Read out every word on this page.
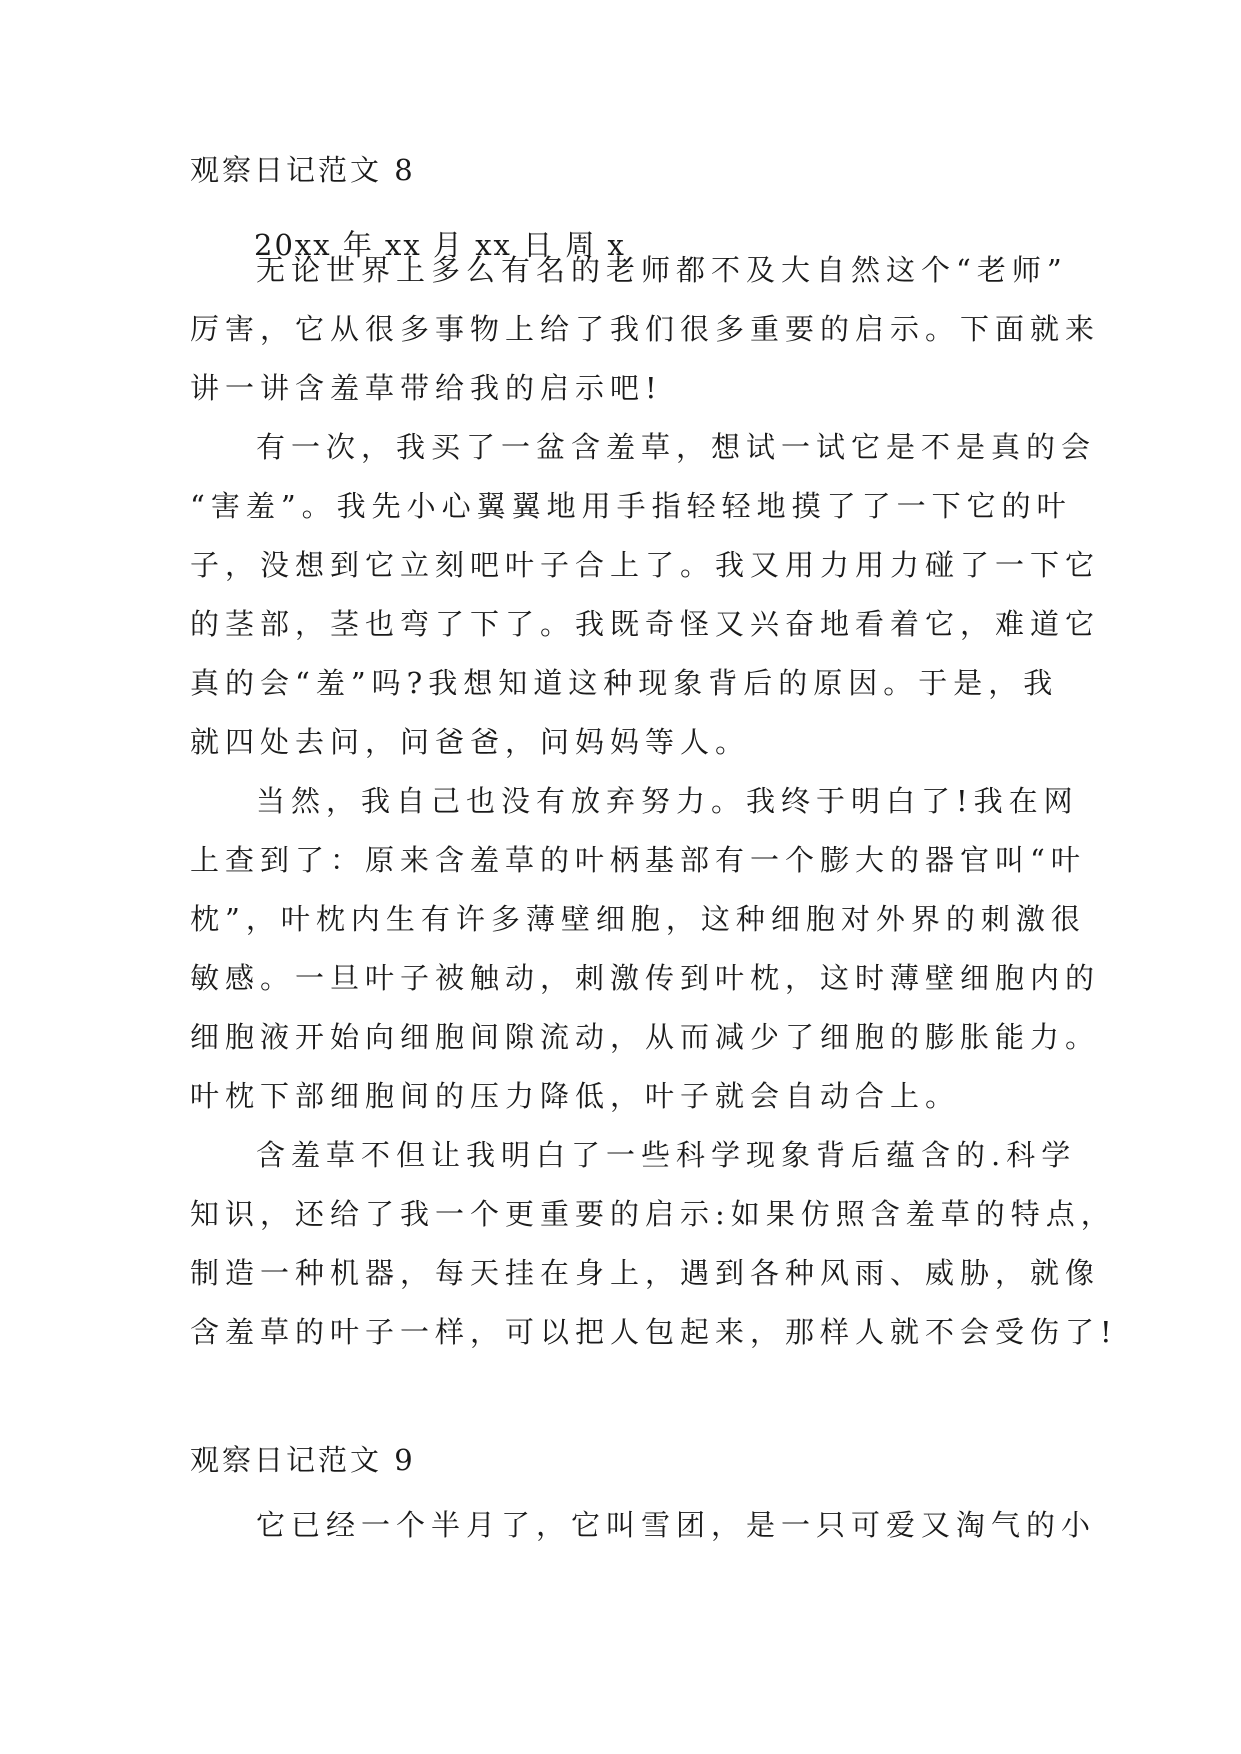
观察日记范文 8
20xx 年 xx 月 xx 日 周 x
无论世界上多么有名的老师都不及大自然这个“老师”
厉害，它从很多事物上给了我们很多重要的启示。下面就来
讲一讲含羞草带给我的启示吧!
有一次，我买了一盆含羞草，想试一试它是不是真的会
“害羞”。我先小心翼翼地用手指轻轻地摸了了一下它的叶
子，没想到它立刻吧叶子合上了。我又用力用力碰了一下它
的茎部，茎也弯了下了。我既奇怪又兴奋地看着它，难道它
真的会“羞”吗?我想知道这种现象背后的原因。于是，我
就四处去问，问爸爸，问妈妈等人。
当然，我自己也没有放弃努力。我终于明白了!我在网
上查到了：原来含羞草的叶柄基部有一个膨大的器官叫“叶
枕”，叶枕内生有许多薄壁细胞，这种细胞对外界的刺激很
敏感。一旦叶子被触动，刺激传到叶枕，这时薄壁细胞内的
细胞液开始向细胞间隙流动，从而减少了细胞的膨胀能力。
叶枕下部细胞间的压力降低，叶子就会自动合上。
含羞草不但让我明白了一些科学现象背后蕴含的.科学
知识，还给了我一个更重要的启示:如果仿照含羞草的特点，
制造一种机器，每天挂在身上，遇到各种风雨、威胁，就像
含羞草的叶子一样，可以把人包起来，那样人就不会受伤了!
观察日记范文 9
它已经一个半月了，它叫雪团，是一只可爱又淘气的小
